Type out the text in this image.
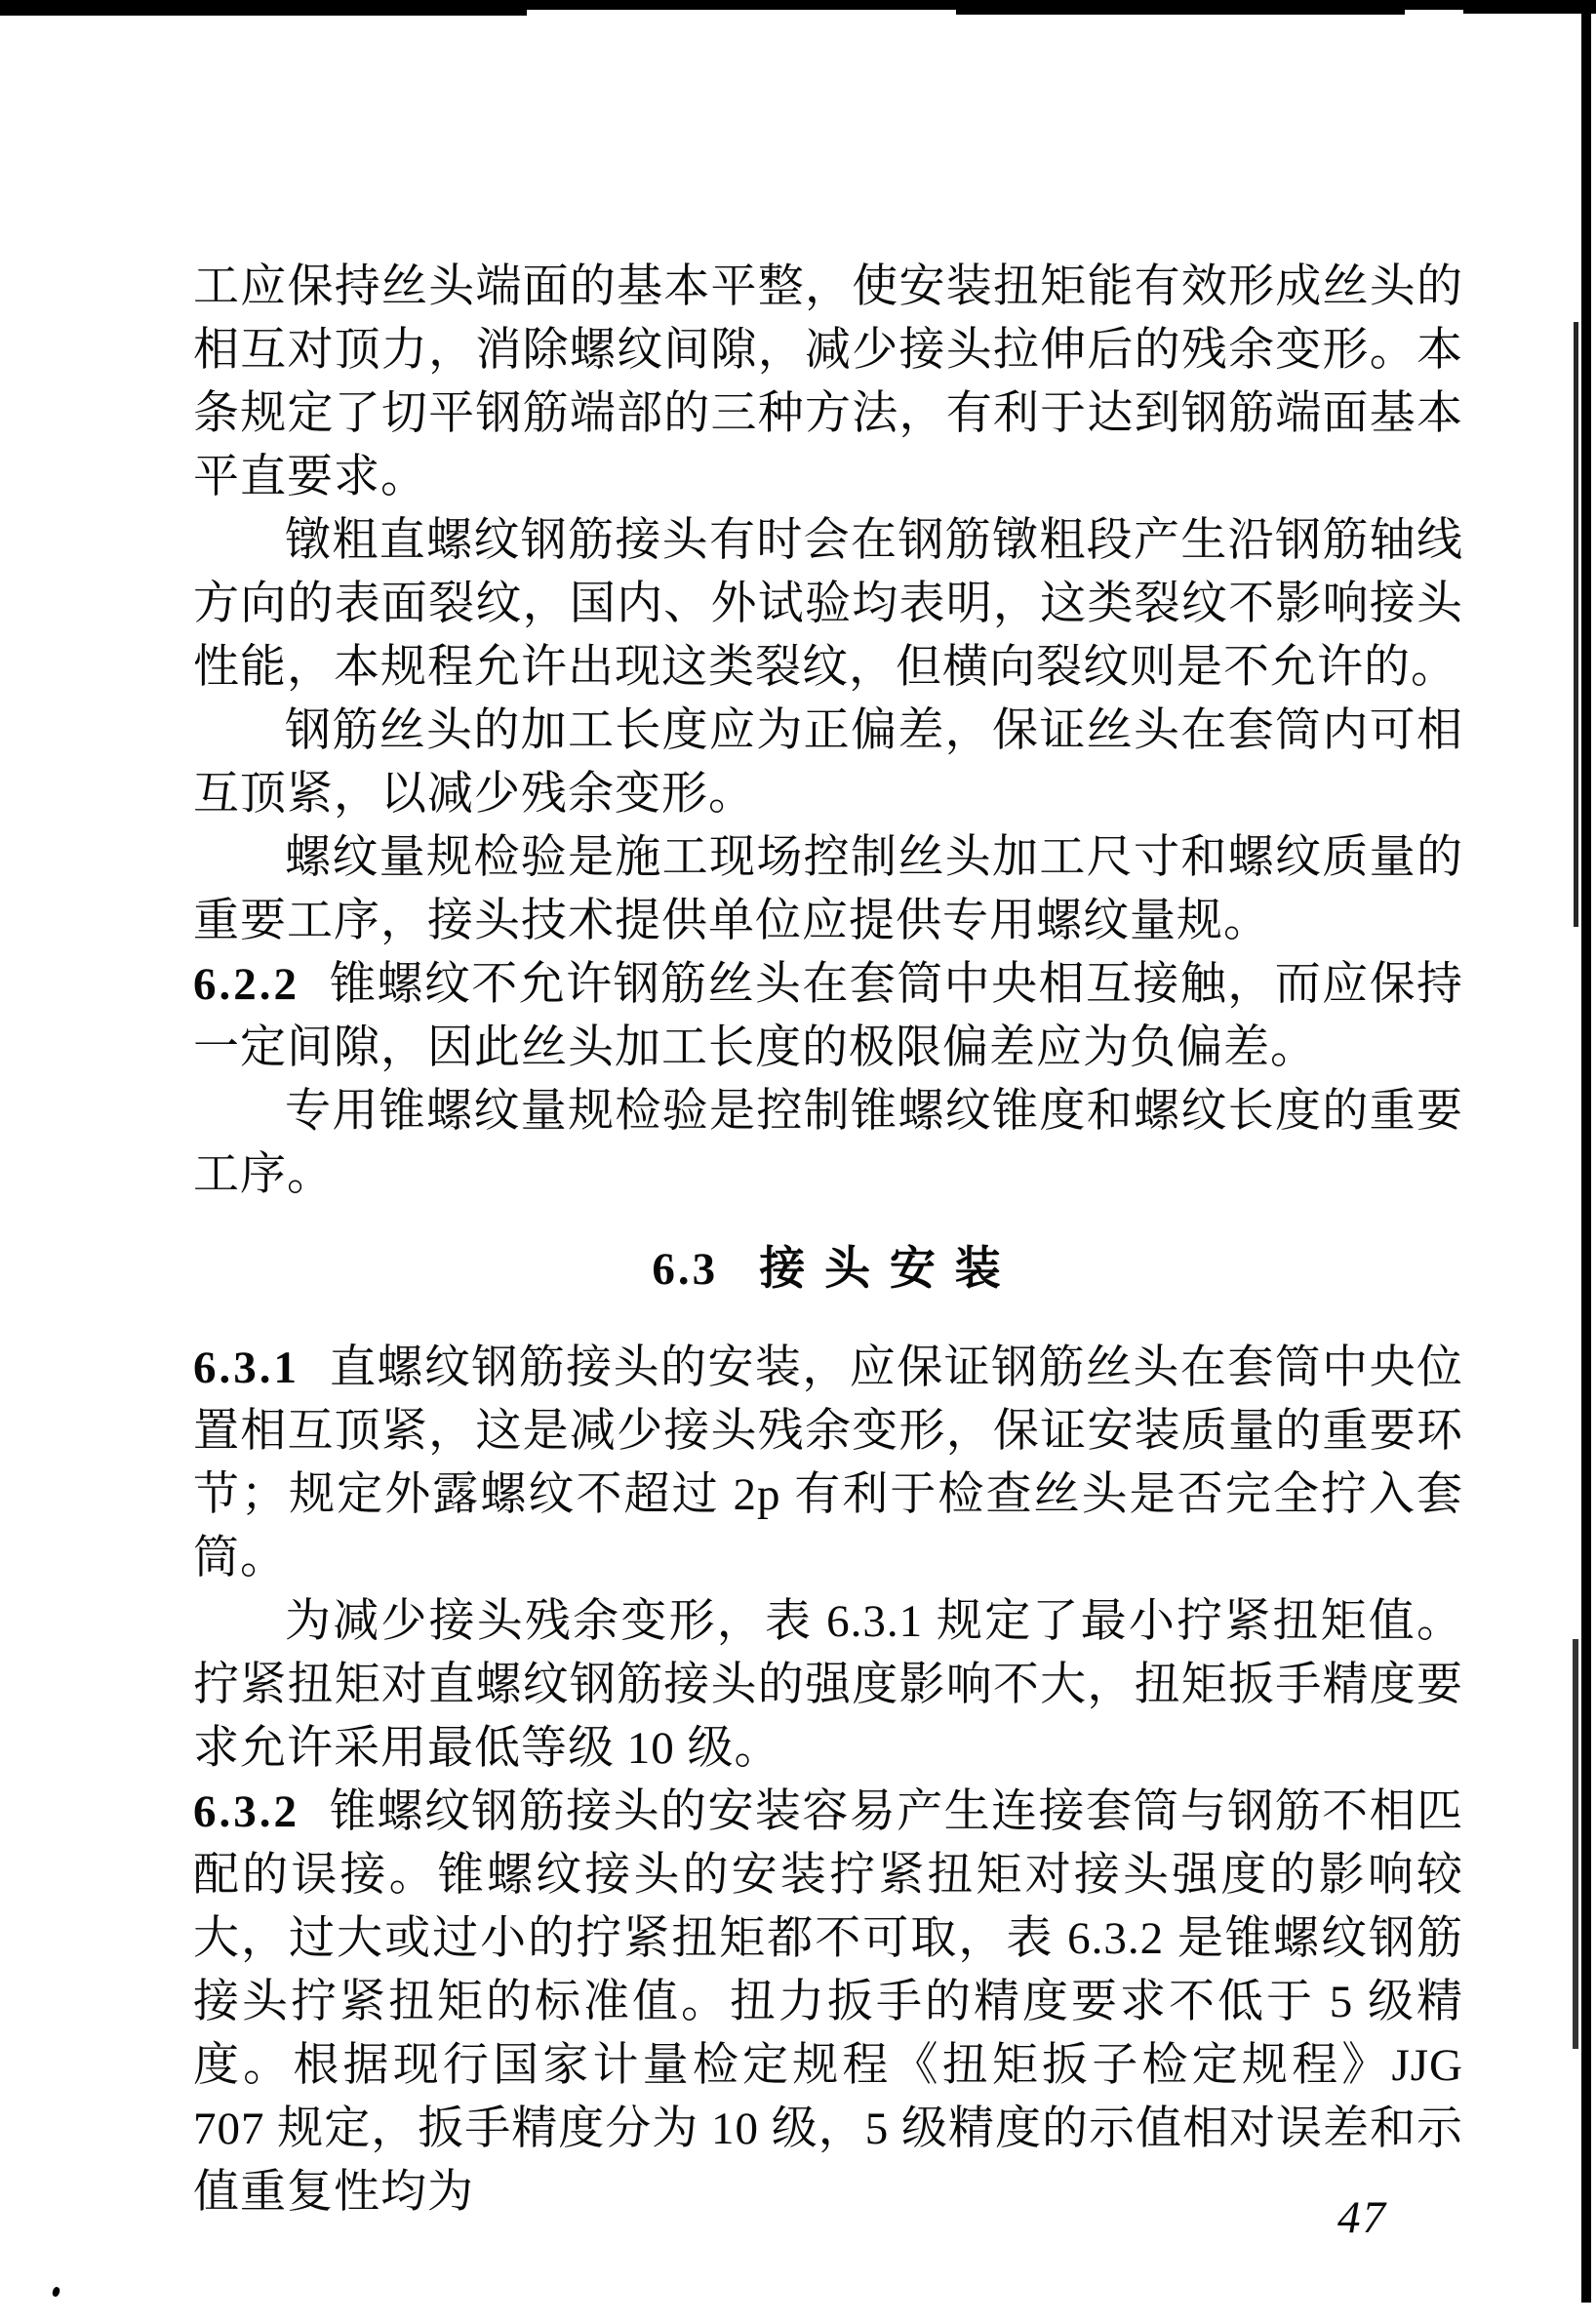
工应保持丝头端面的基本平整，使安装扭矩能有效形成丝头的相互对顶力，消除螺纹间隙，减少接头拉伸后的残余变形。本条规定了切平钢筋端部的三种方法，有利于达到钢筋端面基本平直要求。

镦粗直螺纹钢筋接头有时会在钢筋镦粗段产生沿钢筋轴线方向的表面裂纹，国内、外试验均表明，这类裂纹不影响接头性能，本规程允许出现这类裂纹，但横向裂纹则是不允许的。

钢筋丝头的加工长度应为正偏差，保证丝头在套筒内可相互顶紧，以减少残余变形。

螺纹量规检验是施工现场控制丝头加工尺寸和螺纹质量的重要工序，接头技术提供单位应提供专用螺纹量规。

6.2.2 锥螺纹不允许钢筋丝头在套筒中央相互接触，而应保持一定间隙，因此丝头加工长度的极限偏差应为负偏差。

专用锥螺纹量规检验是控制锥螺纹锥度和螺纹长度的重要工序。

6.3 接 头 安 装

6.3.1 直螺纹钢筋接头的安装，应保证钢筋丝头在套筒中央位置相互顶紧，这是减少接头残余变形，保证安装质量的重要环节；规定外露螺纹不超过 2p 有利于检查丝头是否完全拧入套筒。

为减少接头残余变形，表 6.3.1 规定了最小拧紧扭矩值。拧紧扭矩对直螺纹钢筋接头的强度影响不大，扭矩扳手精度要求允许采用最低等级 10 级。

6.3.2 锥螺纹钢筋接头的安装容易产生连接套筒与钢筋不相匹配的误接。锥螺纹接头的安装拧紧扭矩对接头强度的影响较大，过大或过小的拧紧扭矩都不可取，表 6.3.2 是锥螺纹钢筋接头拧紧扭矩的标准值。扭力扳手的精度要求不低于 5 级精度。根据现行国家计量检定规程《扭矩扳子检定规程》JJG 707 规定，扳手精度分为 10 级，5 级精度的示值相对误差和示值重复性均为	47
